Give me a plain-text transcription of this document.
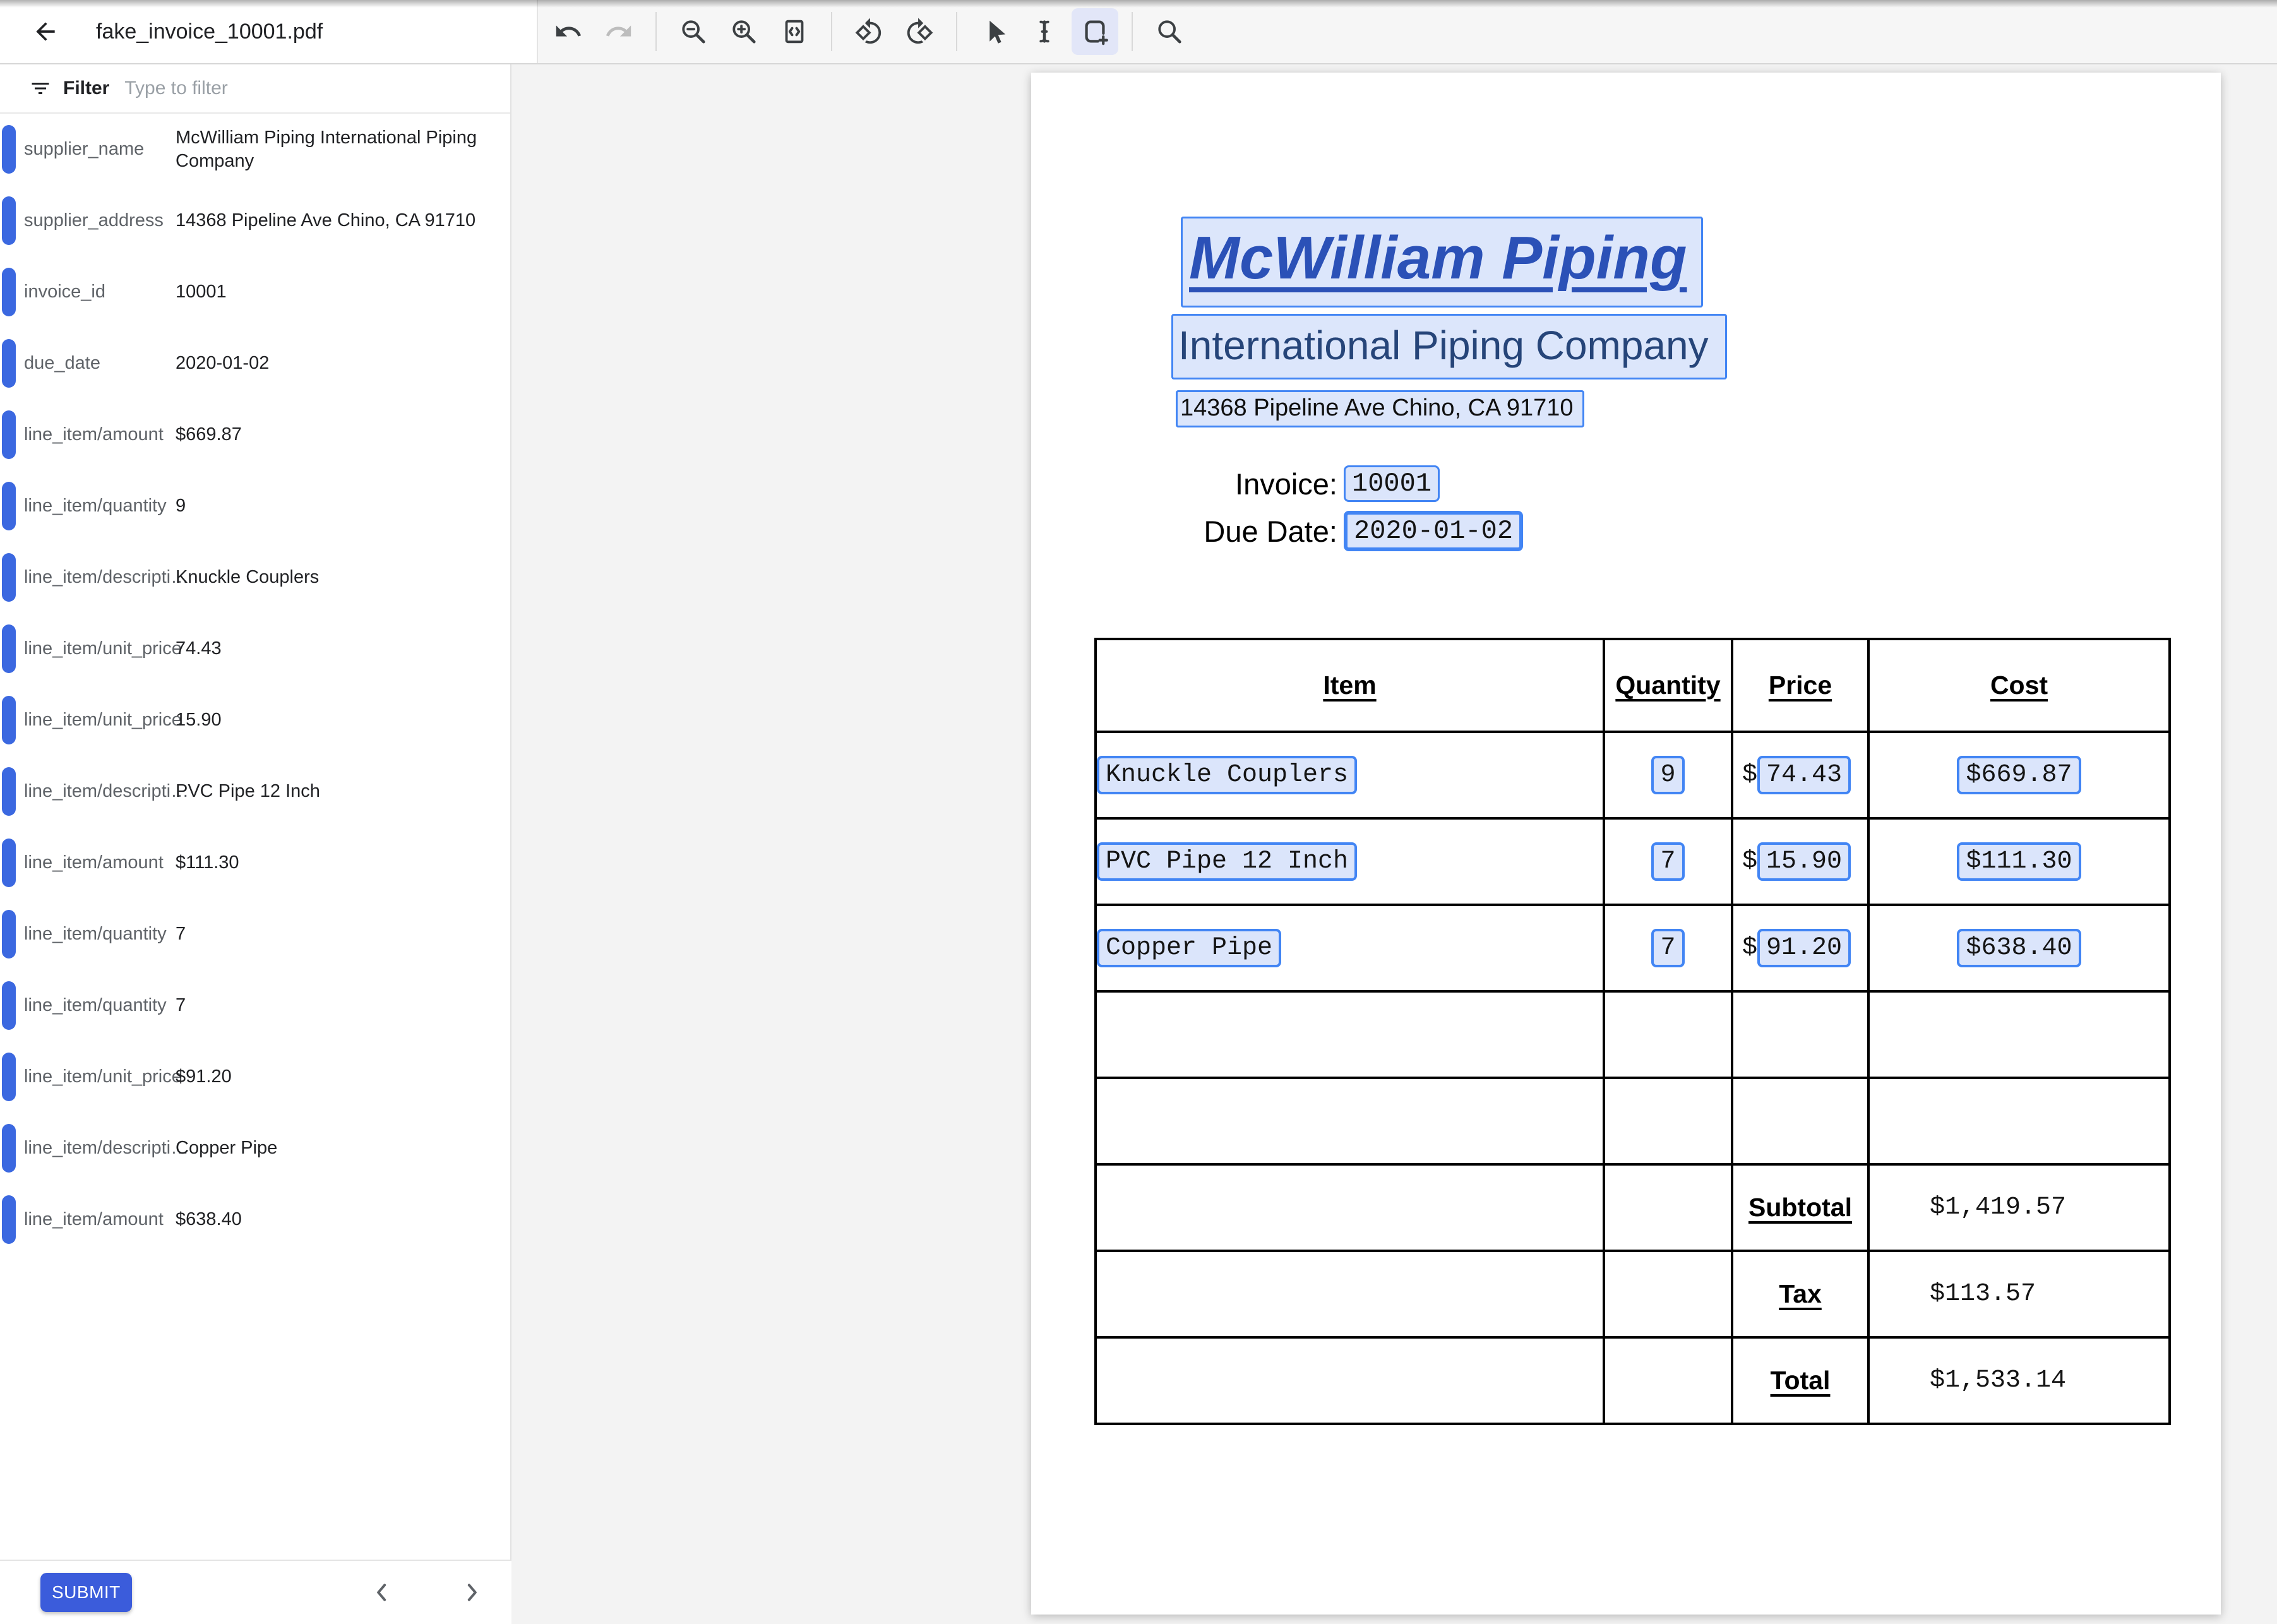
fake_invoice_10001.pdf
Filter
Type to filter
supplier_name
McWilliam Piping International Piping Company
supplier_address 14368 Pipeline Ave Chino, CA 91710
invoice_id	10001
due_date	2020-01-02
line_item/amount $669.87
line_item/quantity 9
line_item/descripti…
Knuckle Couplers
line_item/unit_price
74.43
line_item/unit_price
15.90
line_item/descripti…
PVC Pipe 12 Inch
line_item/amount $111.30
line_item/quantity 7
line_item/quantity 7
line_item/unit_price
$91.20
line_item/descripti…
Copper Pipe
line_item/amount $638.40
SUBMIT
McWilliam Piping
International Piping Company
14368 Pipeline Ave Chino, CA 91710
Invoice: 10001
Due Date: 2020-01-02
Item	Quantity	Price	Cost
Knuckle Couplers	9	$ 74.43	$669.87
PVC Pipe 12 Inch	7	$ 15.90	$111.30
Copper Pipe	7	$ 91.20	$638.40

		Subtotal	$1,419.57

		Tax	$113.57

		Total	$1,533.14
